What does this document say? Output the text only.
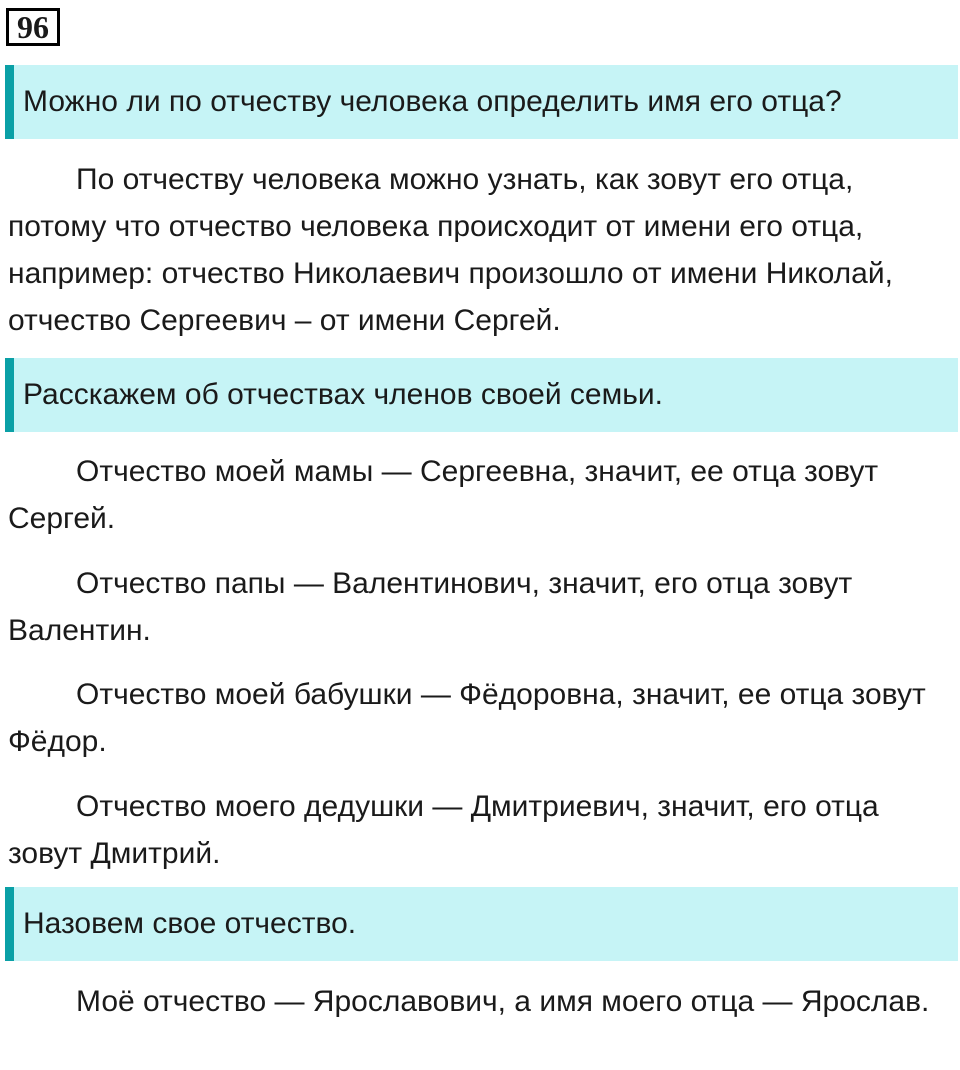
96
Можно ли по отчеству человека определить имя его отца?

По отчеству человека можно узнать, как зовут его отца, потому что отчество человека происходит от имени его отца, например: отчество Николаевич произошло от имени Николай, отчество Сергеевич – от имени Сергей.

Расскажем об отчествах членов своей семьи.

Отчество моей мамы — Сергеевна, значит, ее отца зовут Сергей.

Отчество папы — Валентинович, значит, его отца зовут Валентин.

Отчество моей бабушки — Фёдоровна, значит, ее отца зовут Фёдор.

Отчество моего дедушки — Дмитриевич, значит, его отца зовут Дмитрий.

Назовем свое отчество.

Моё отчество — Ярославович, а имя моего отца — Ярослав.
